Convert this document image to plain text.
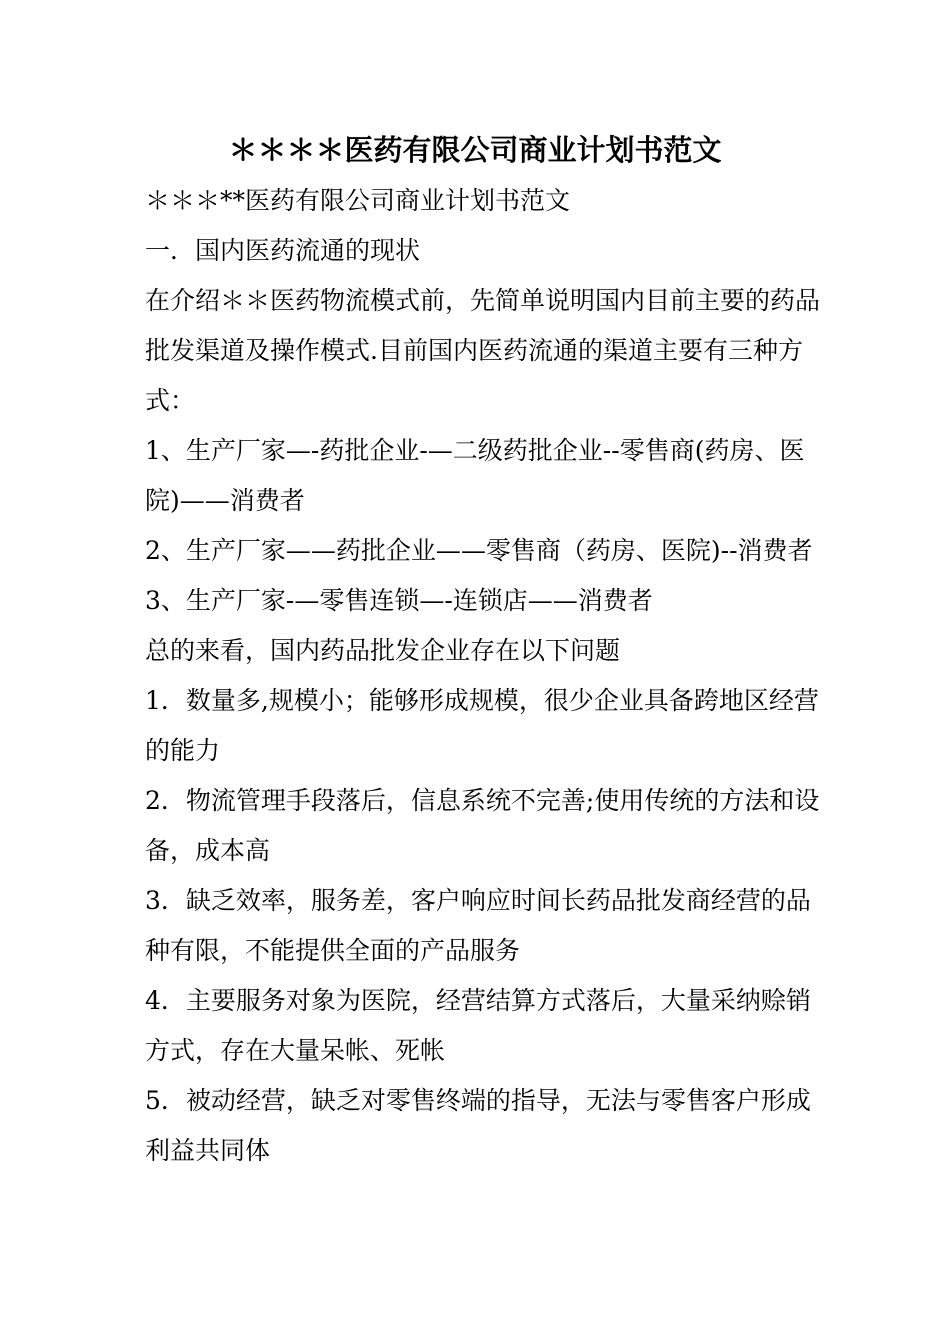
＊＊＊＊医药有限公司商业计划书范文

＊＊＊**医药有限公司商业计划书范文

一．国内医药流通的现状

在介绍＊＊医药物流模式前，先简单说明国内目前主要的药品批发渠道及操作模式.目前国内医药流通的渠道主要有三种方式：

1、生产厂家—-药批企业-—二级药批企业--零售商(药房、医院)——消费者

2、生产厂家——药批企业——零售商（药房、医院)--消费者

3、生产厂家-—零售连锁—-连锁店——消费者

总的来看，国内药品批发企业存在以下问题

1．数量多,规模小；能够形成规模，很少企业具备跨地区经营的能力

2．物流管理手段落后，信息系统不完善;使用传统的方法和设备，成本高

3．缺乏效率，服务差，客户响应时间长药品批发商经营的品种有限，不能提供全面的产品服务

4．主要服务对象为医院，经营结算方式落后，大量采纳赊销方式，存在大量呆帐、死帐

5．被动经营，缺乏对零售终端的指导，无法与零售客户形成利益共同体
